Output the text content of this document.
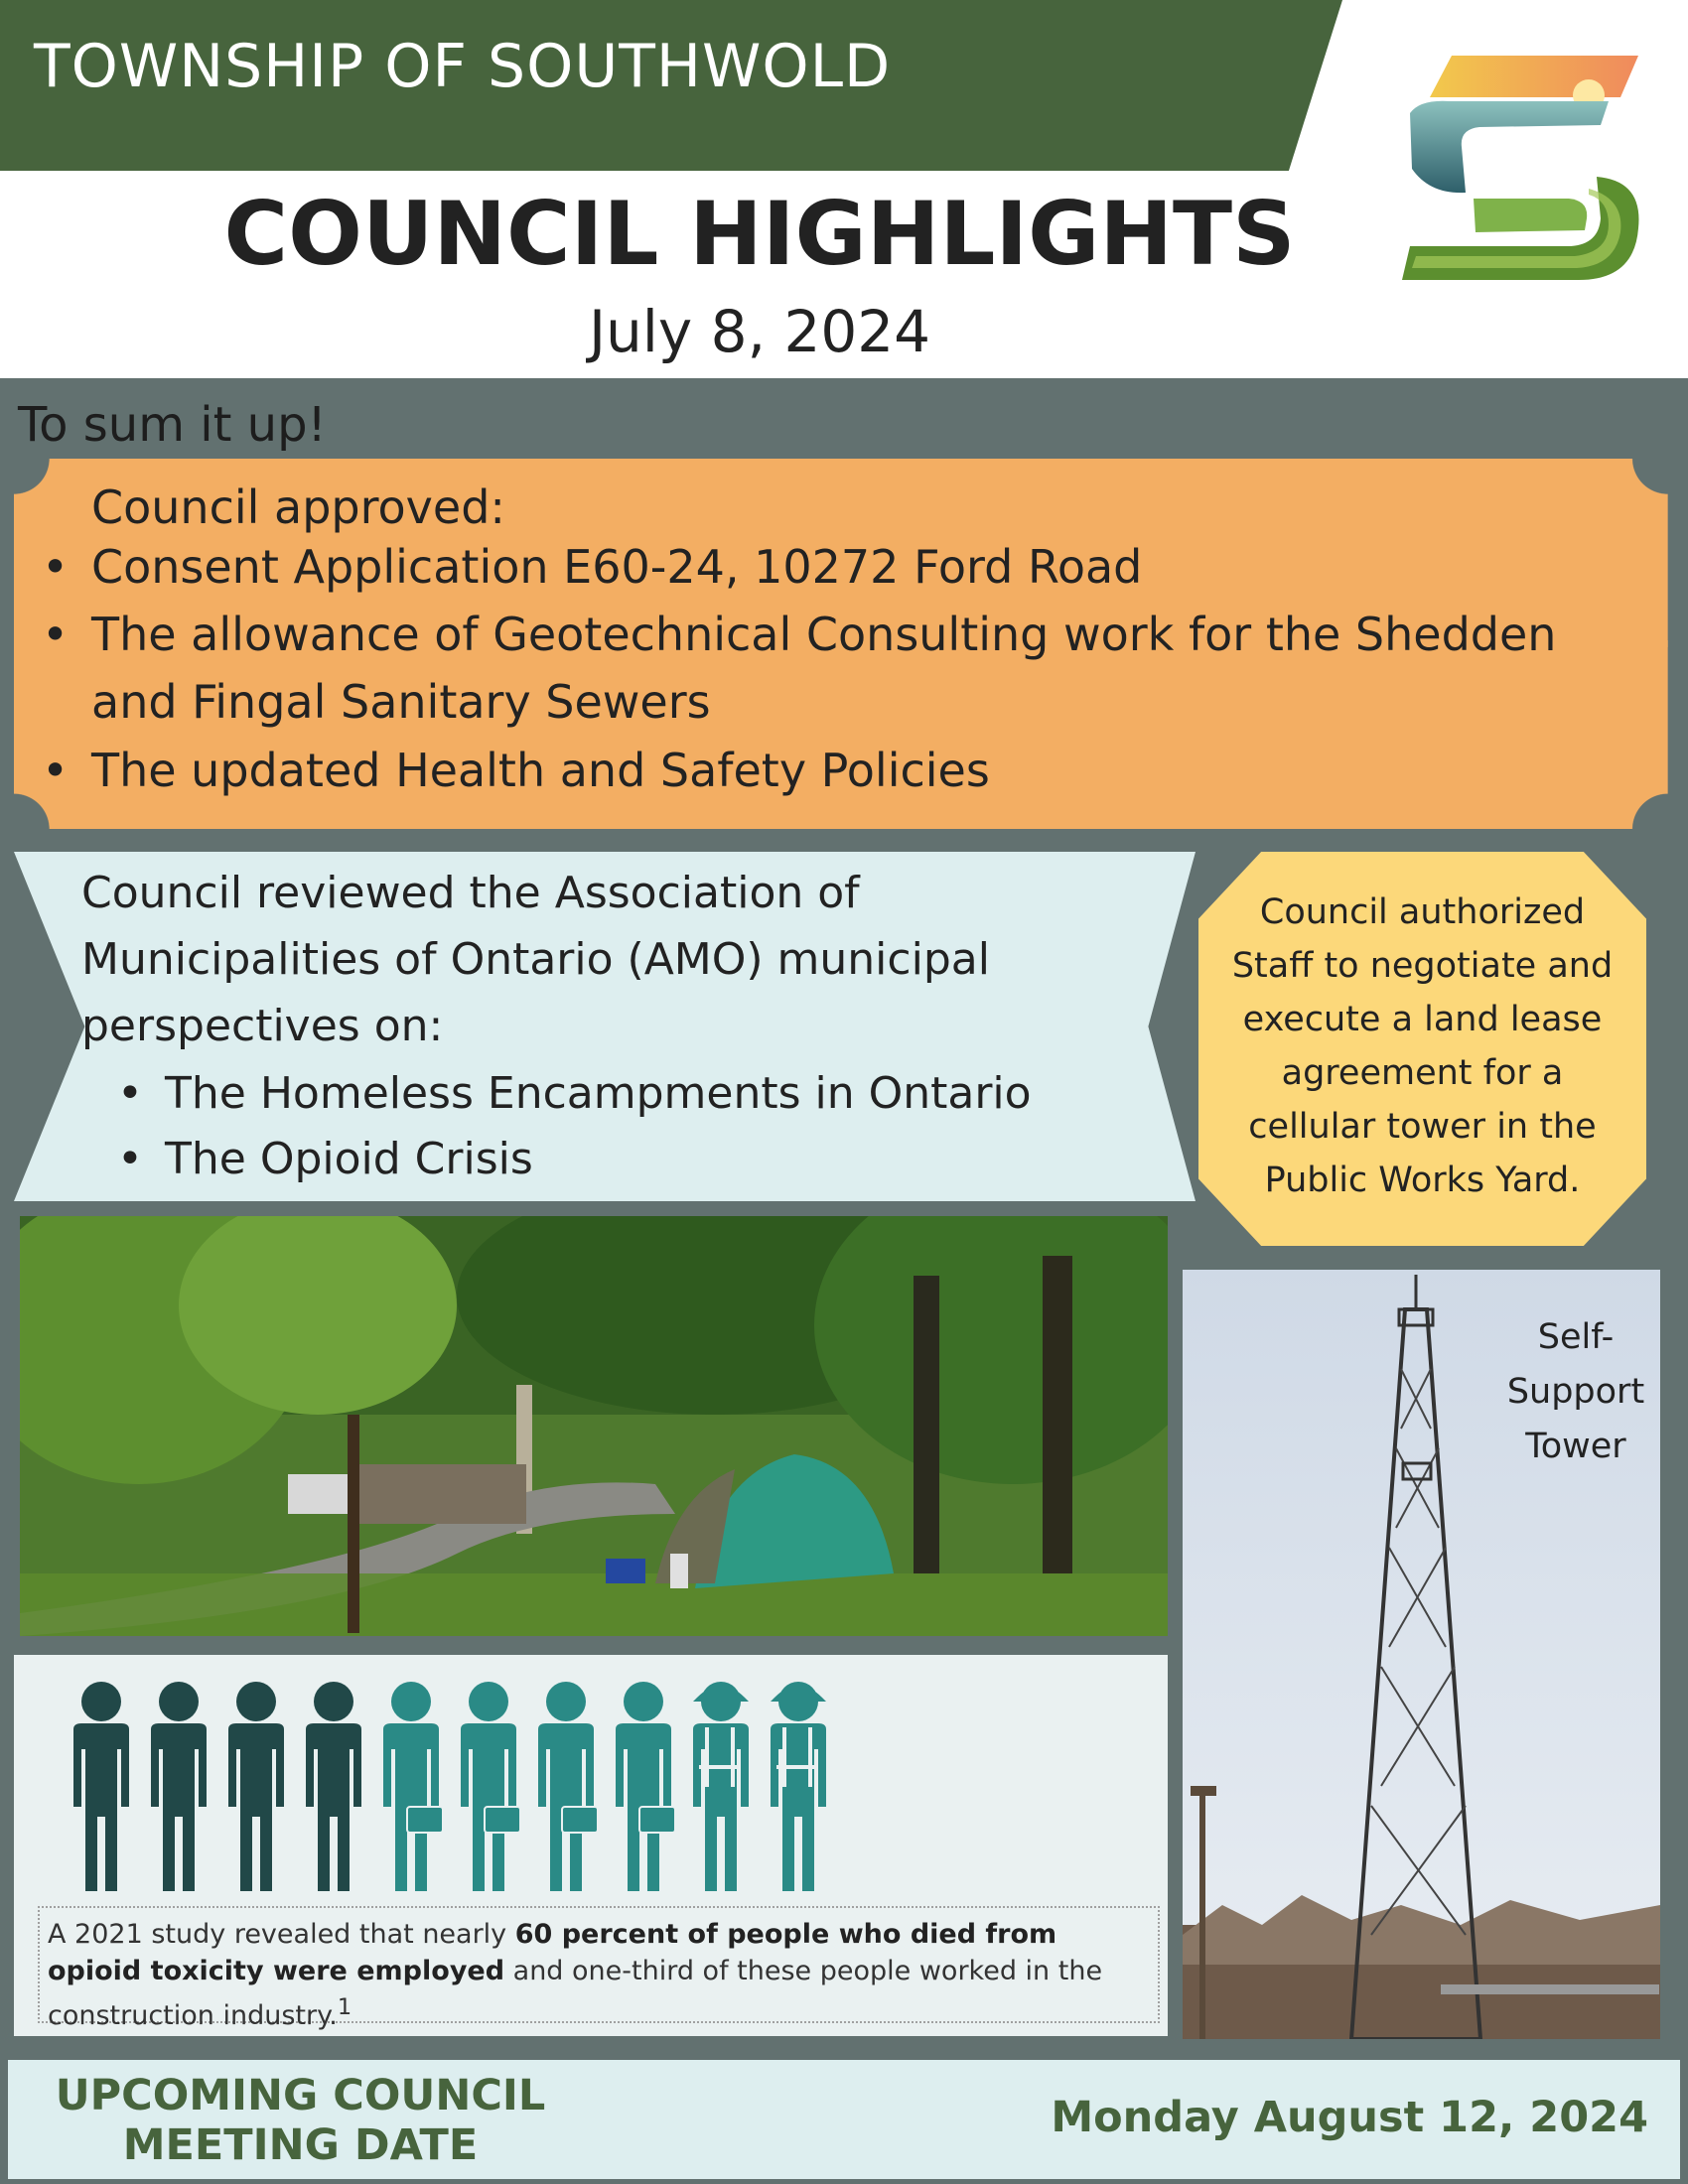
TOWNSHIP OF SOUTHWOLD
COUNCIL HIGHLIGHTS
July 8, 2024
To sum it up!
Council approved:
• Consent Application E60-24, 10272 Ford Road
• The allowance of Geotechnical Consulting work for the Shedden
and Fingal Sanitary Sewers
• The updated Health and Safety Policies
Council reviewed the Association of
Municipalities of Ontario (AMO) municipal
perspectives on:
• The Homeless Encampments in Ontario
• The Opioid Crisis
Council authorized
Staff to negotiate and
execute a land lease
agreement for a
cellular tower in the
Public Works Yard.
Self-
Support
Tower
A 2021 study revealed that nearly 60 percent of people who died from opioid toxicity were employed and one-third of these people worked in the construction industry.$^1$
UPCOMING COUNCIL
MEETING DATE
Monday August 12, 2024
